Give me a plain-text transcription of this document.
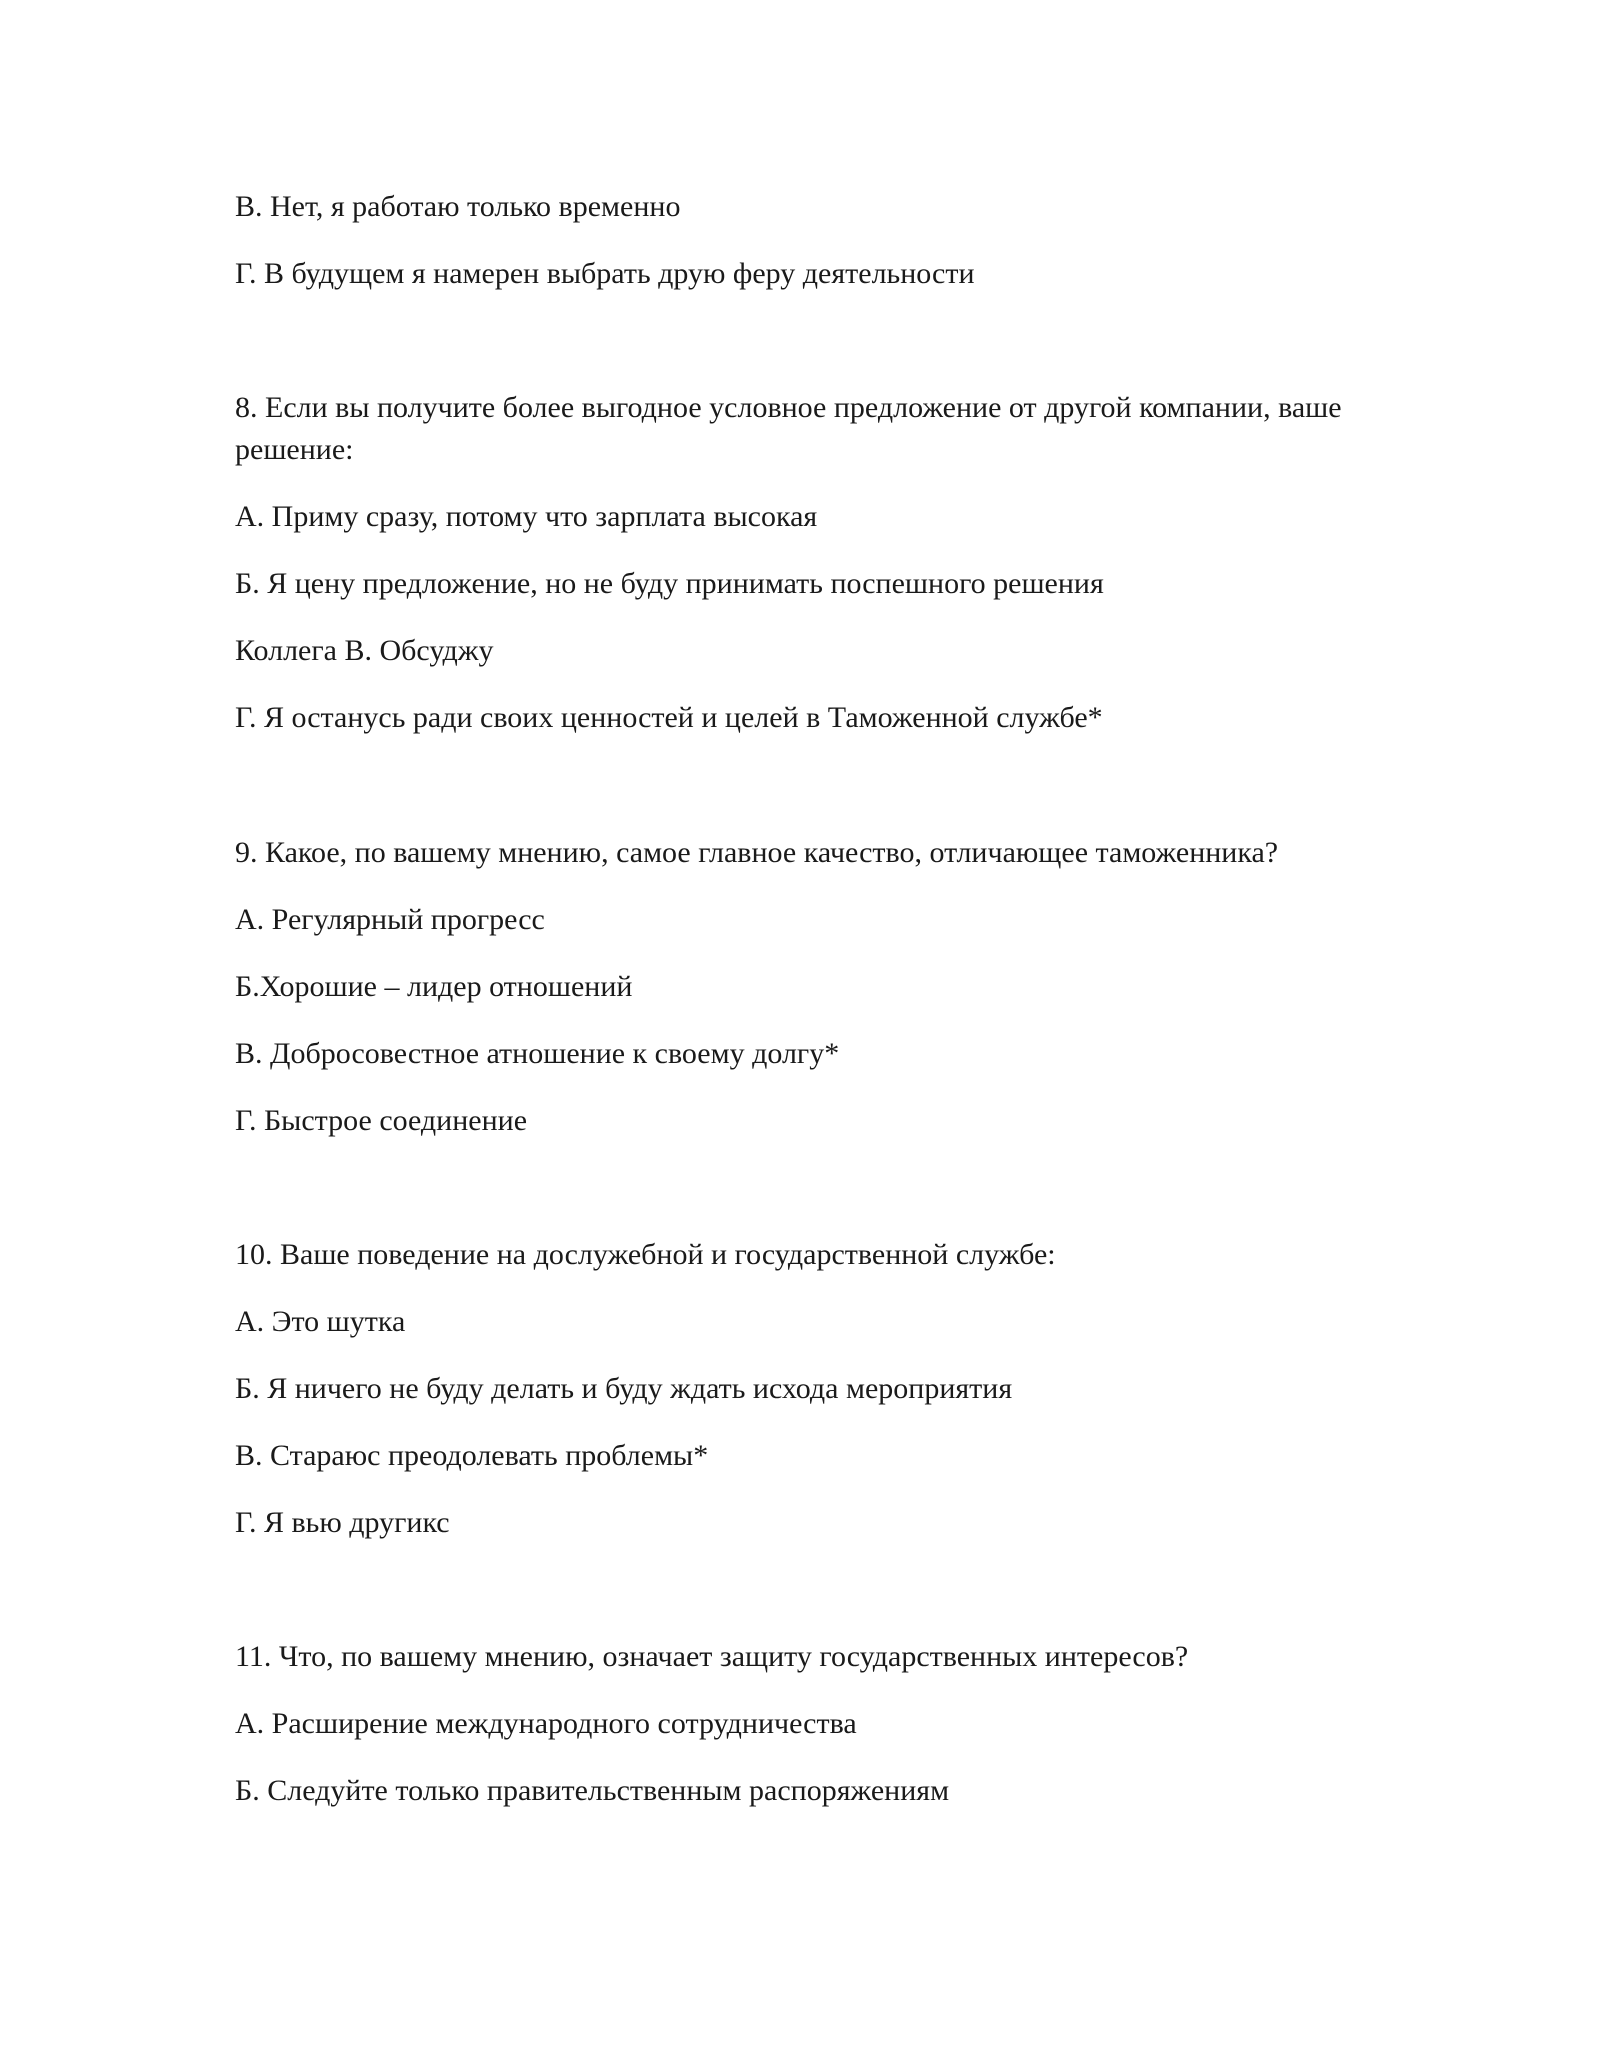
В. Нет, я работаю только временно
Г. В будущем я намерен выбрать друю феру деятельности
8. Если вы получите более выгодное условное предложение от другой компании, ваше решение:
А. Приму сразу, потому что зарплата высокая
Б. Я цену предложение, но не буду принимать поспешного решения
Коллега В. Обсуджу
Г. Я останусь ради своих ценностей и целей в Таможенной службе*
9. Какое, по вашему мнению, самое главное качество, отличающее таможенника?
А. Регулярный прогресс
Б.Хорошие – лидер отношений
В. Добросовестное атношение к своему долгу*
Г. Быстрое соединение
10. Ваше поведение на дослужебной и государственной службе:
А. Это шутка
Б. Я ничего не буду делать и буду ждать исхода мероприятия
В. Стараюс преодолевать проблемы*
Г. Я вью другикс
11. Что, по вашему мнению, означает защиту государственных интересов?
А. Расширение международного сотрудничества
Б. Следуйте только правительственным распоряжениям
